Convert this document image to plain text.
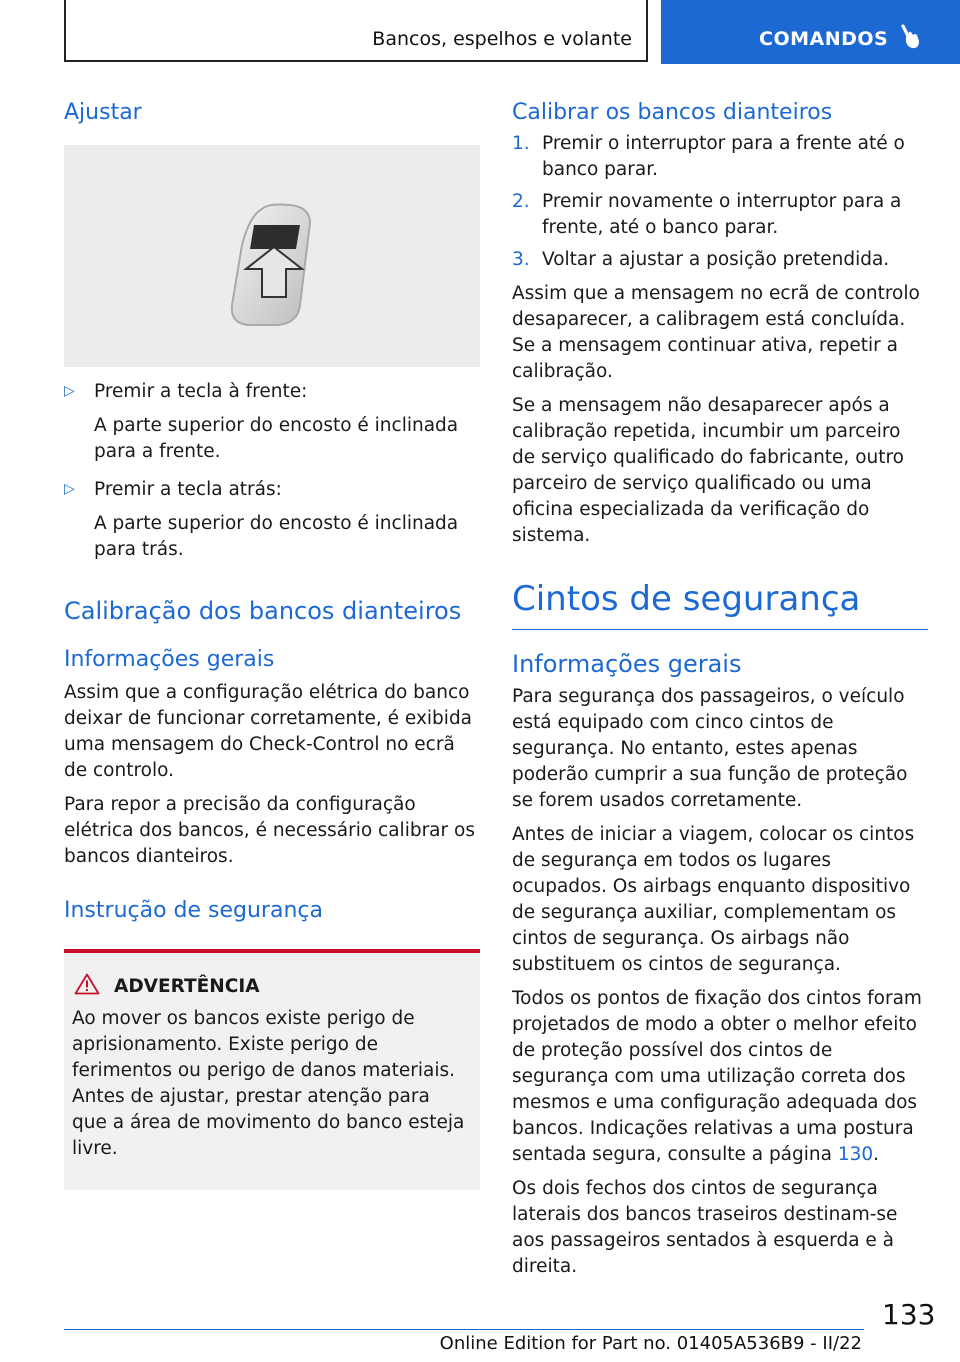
Bancos, espelhos e volante	COMANDOS
Ajustar
▷	Premir a tecla à frente:

A parte superior do encosto é inclinada para a frente.

▷	Premir a tecla atrás:

A parte superior do encosto é inclinada para trás.

Calibração dos bancos dianteiros
Informações gerais

Assim que a configuração elétrica do banco deixar de funcionar corretamente, é exibida uma mensagem do Check-Control no ecrã de controlo.

Para repor a precisão da configuração elétrica dos bancos, é necessário calibrar os bancos dianteiros.

Instrução de segurança
ADVERTÊNCIA

Ao mover os bancos existe perigo de aprisionamento. Existe perigo de ferimentos ou perigo de danos materiais. Antes de ajustar, prestar atenção para que a área de movimento do banco esteja livre.

Calibrar os bancos dianteiros
1. Premir o interruptor para a frente até o banco parar.

2. Premir novamente o interruptor para a frente, até o banco parar.

3. Voltar a ajustar a posição pretendida.

Assim que a mensagem no ecrã de controlo desaparecer, a calibragem está concluída. Se a mensagem continuar ativa, repetir a calibração.

Se a mensagem não desaparecer após a calibração repetida, incumbir um parceiro de serviço qualificado do fabricante, outro parceiro de serviço qualificado ou uma oficina especializada da verificação do sistema.

Cintos de segurança
Informações gerais

Para segurança dos passageiros, o veículo está equipado com cinco cintos de segurança. No entanto, estes apenas poderão cumprir a sua função de proteção se forem usados corretamente.

Antes de iniciar a viagem, colocar os cintos de segurança em todos os lugares ocupados. Os airbags enquanto dispositivo de segurança auxiliar, complementam os cintos de segurança. Os airbags não substituem os cintos de segurança.

Todos os pontos de fixação dos cintos foram projetados de modo a obter o melhor efeito de proteção possível dos cintos de segurança com uma utilização correta dos mesmos e uma configuração adequada dos bancos. Indicações relativas a uma postura sentada segura, consulte a página 130.

Os dois fechos dos cintos de segurança laterais dos bancos traseiros destinam-se aos passageiros sentados à esquerda e à direita.

133
Online Edition for Part no. 01405A536B9 - II/22
